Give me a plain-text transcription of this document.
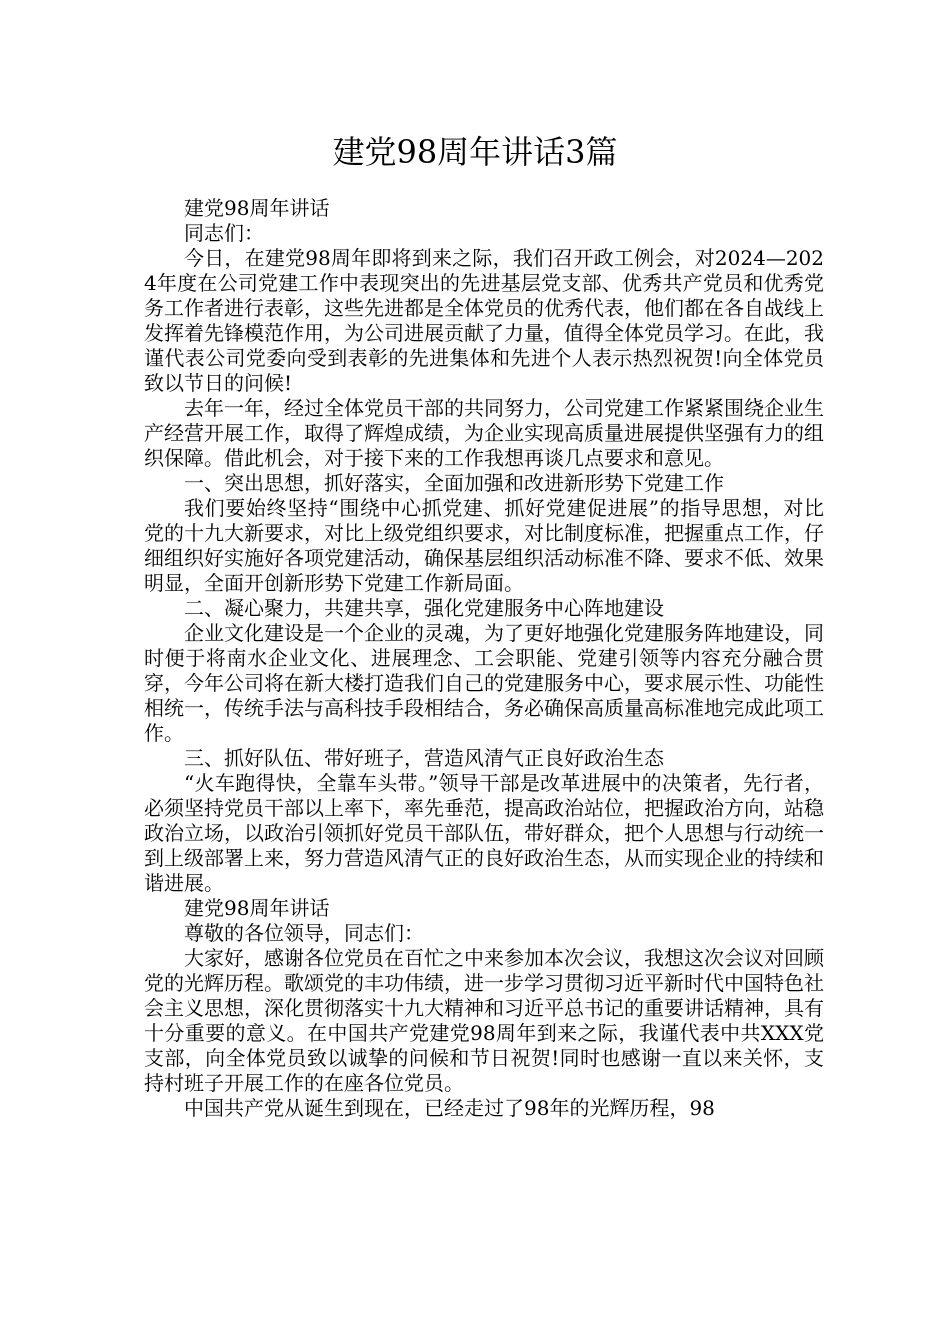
建党98周年讲话3篇

建党98周年讲话

同志们：

今日，在建党98周年即将到来之际，我们召开政工例会，对2024—2024年度在公司党建工作中表现突出的先进基层党支部、优秀共产党员和优秀党务工作者进行表彰，这些先进都是全体党员的优秀代表，他们都在各自战线上发挥着先锋模范作用，为公司进展贡献了力量，值得全体党员学习。在此，我谨代表公司党委向受到表彰的先进集体和先进个人表示热烈祝贺!向全体党员致以节日的问候!

去年一年，经过全体党员干部的共同努力，公司党建工作紧紧围绕企业生产经营开展工作，取得了辉煌成绩，为企业实现高质量进展提供坚强有力的组织保障。借此机会，对于接下来的工作我想再谈几点要求和意见。

一、突出思想，抓好落实，全面加强和改进新形势下党建工作

我们要始终坚持“围绕中心抓党建、抓好党建促进展”的指导思想，对比党的十九大新要求，对比上级党组织要求，对比制度标准，把握重点工作，仔细组织好实施好各项党建活动，确保基层组织活动标准不降、要求不低、效果明显，全面开创新形势下党建工作新局面。

二、凝心聚力，共建共享，强化党建服务中心阵地建设

企业文化建设是一个企业的灵魂，为了更好地强化党建服务阵地建设，同时便于将南水企业文化、进展理念、工会职能、党建引领等内容充分融合贯穿，今年公司将在新大楼打造我们自己的党建服务中心，要求展示性、功能性相统一，传统手法与高科技手段相结合，务必确保高质量高标准地完成此项工作。

三、抓好队伍、带好班子，营造风清气正良好政治生态

“火车跑得快，全靠车头带。”领导干部是改革进展中的决策者，先行者，必须坚持党员干部以上率下，率先垂范，提高政治站位，把握政治方向，站稳政治立场，以政治引领抓好党员干部队伍，带好群众，把个人思想与行动统一到上级部署上来，努力营造风清气正的良好政治生态，从而实现企业的持续和谐进展。

建党98周年讲话

尊敬的各位领导，同志们：

大家好，感谢各位党员在百忙之中来参加本次会议，我想这次会议对回顾党的光辉历程。歌颂党的丰功伟绩，进一步学习贯彻习近平新时代中国特色社会主义思想，深化贯彻落实十九大精神和习近平总书记的重要讲话精神，具有十分重要的意义。在中国共产党建党98周年到来之际，我谨代表中共XXX党支部，向全体党员致以诚挚的问候和节日祝贺!同时也感谢一直以来关怀，支持村班子开展工作的在座各位党员。

中国共产党从诞生到现在，已经走过了98年的光辉历程，98
